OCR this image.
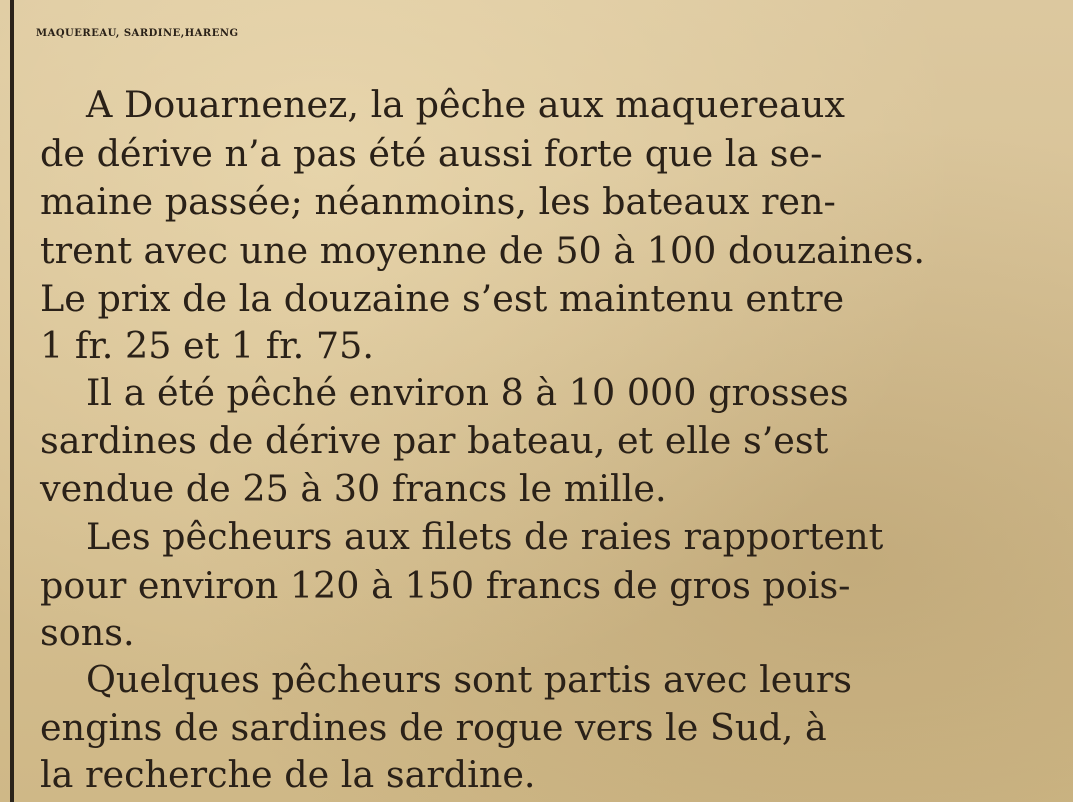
MAQUEREAU, SARDINE,HARENG

A Douarnenez, la pêche aux maquereaux

de dérive n’a pas été aussi forte que la se-

maine passée; néanmoins, les bateaux ren-

trent avec une moyenne de 50 à 100 douzaines.

Le prix de la douzaine s’est maintenu entre

1 fr. 25 et 1 fr. 75.

Il a été pêché environ 8 à 10 000 grosses

sardines de dérive par bateau, et elle s’est

vendue de 25 à 30 francs le mille.

Les pêcheurs aux filets de raies rapportent

pour environ 120 à 150 francs de gros pois-

sons.

Quelques pêcheurs sont partis avec leurs

engins de sardines de rogue vers le Sud, à

la recherche de la sardine.
